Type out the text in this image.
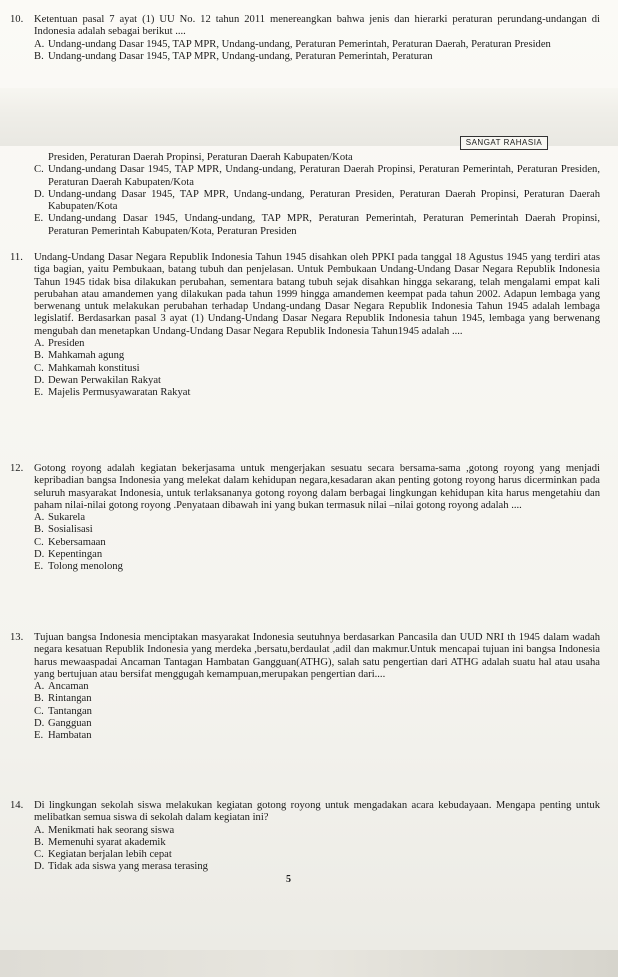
10.	Ketentuan pasal 7 ayat (1) UU No. 12 tahun 2011 menereangkan bahwa jenis dan hierarki peraturan perundang-undangan di Indonesia adalah sebagai berikut ....
A. Undang-undang Dasar 1945, TAP MPR, Undang-undang, Peraturan Pemerintah, Peraturan Daerah, Peraturan Presiden
B. Undang-undang Dasar 1945, TAP MPR, Undang-undang, Peraturan Pemerintah, Peraturan
SANGAT RAHASIA
Presiden, Peraturan Daerah Propinsi, Peraturan Daerah Kabupaten/Kota
C. Undang-undang Dasar 1945, TAP MPR, Undang-undang, Peraturan Daerah Propinsi, Peraturan Pemerintah, Peraturan Presiden, Peraturan Daerah Kabupaten/Kota
D. Undang-undang Dasar 1945, TAP MPR, Undang-undang, Peraturan Presiden, Peraturan Daerah Propinsi, Peraturan Daerah Kabupaten/Kota
E. Undang-undang Dasar 1945, Undang-undang, TAP MPR, Peraturan Pemerintah, Peraturan Pemerintah Daerah Propinsi, Peraturan Pemerintah Kabupaten/Kota, Peraturan Presiden
11.	Undang-Undang Dasar Negara Republik Indonesia Tahun 1945 disahkan oleh PPKI pada tanggal 18 Agustus 1945 yang terdiri atas tiga bagian, yaitu Pembukaan, batang tubuh dan penjelasan. Untuk Pembukaan Undang-Undang Dasar Negara Republik Indonesia Tahun 1945 tidak bisa dilakukan perubahan, sementara batang tubuh sejak disahkan hingga sekarang, telah mengalami empat kali perubahan atau amandemen yang dilakukan pada tahun 1999 hingga amandemen keempat pada tahun 2002. Adapun lembaga yang berwenang untuk melakukan perubahan terhadap Undang-undang Dasar Negara Republik Indonesia Tahun 1945 adalah lembaga legislatif. Berdasarkan pasal 3 ayat (1) Undang-Undang Dasar Negara Republik Indonesia tahun 1945, lembaga yang berwenang mengubah dan menetapkan Undang-Undang Dasar Negara Republik Indonesia Tahun1945 adalah ....
A. Presiden
B. Mahkamah agung
C. Mahkamah konstitusi
D. Dewan Perwakilan Rakyat
E. Majelis Permusyawaratan Rakyat
12.	Gotong royong adalah kegiatan bekerjasama untuk mengerjakan sesuatu secara bersama-sama ,gotong royong yang menjadi kepribadian bangsa Indonesia yang melekat dalam kehidupan negara,kesadaran akan penting gotong royong harus dicerminkan pada seluruh masyarakat Indonesia, untuk terlaksananya gotong royong dalam berbagai lingkungan kehidupan kita harus mengetahiu dan paham nilai-nilai gotong royong .Penyataan dibawah ini yang bukan termasuk nilai –nilai gotong royong adalah ....
A. Sukarela
B. Sosialisasi
C. Kebersamaan
D. Kepentingan
E. Tolong menolong
13.	Tujuan bangsa Indonesia menciptakan masyarakat Indonesia seutuhnya berdasarkan Pancasila dan UUD NRI th 1945 dalam wadah negara kesatuan Republik Indonesia yang merdeka ,bersatu,berdaulat ,adil dan makmur.Untuk mencapai tujuan ini bangsa Indonesia harus mewaaspadai Ancaman Tantagan Hambatan Gangguan(ATHG), salah satu pengertian dari ATHG adalah suatu hal atau usaha yang bertujuan atau bersifat menggugah kemampuan,merupakan pengertian dari....
A. Ancaman
B. Rintangan
C. Tantangan
D. Gangguan
E. Hambatan
14.	Di lingkungan sekolah siswa melakukan kegiatan gotong royong untuk mengadakan acara kebudayaan. Mengapa penting untuk melibatkan semua siswa di sekolah dalam kegiatan ini?
A. Menikmati hak seorang siswa
B. Memenuhi syarat akademik
C. Kegiatan berjalan lebih cepat
D. Tidak ada siswa yang merasa terasing
5
